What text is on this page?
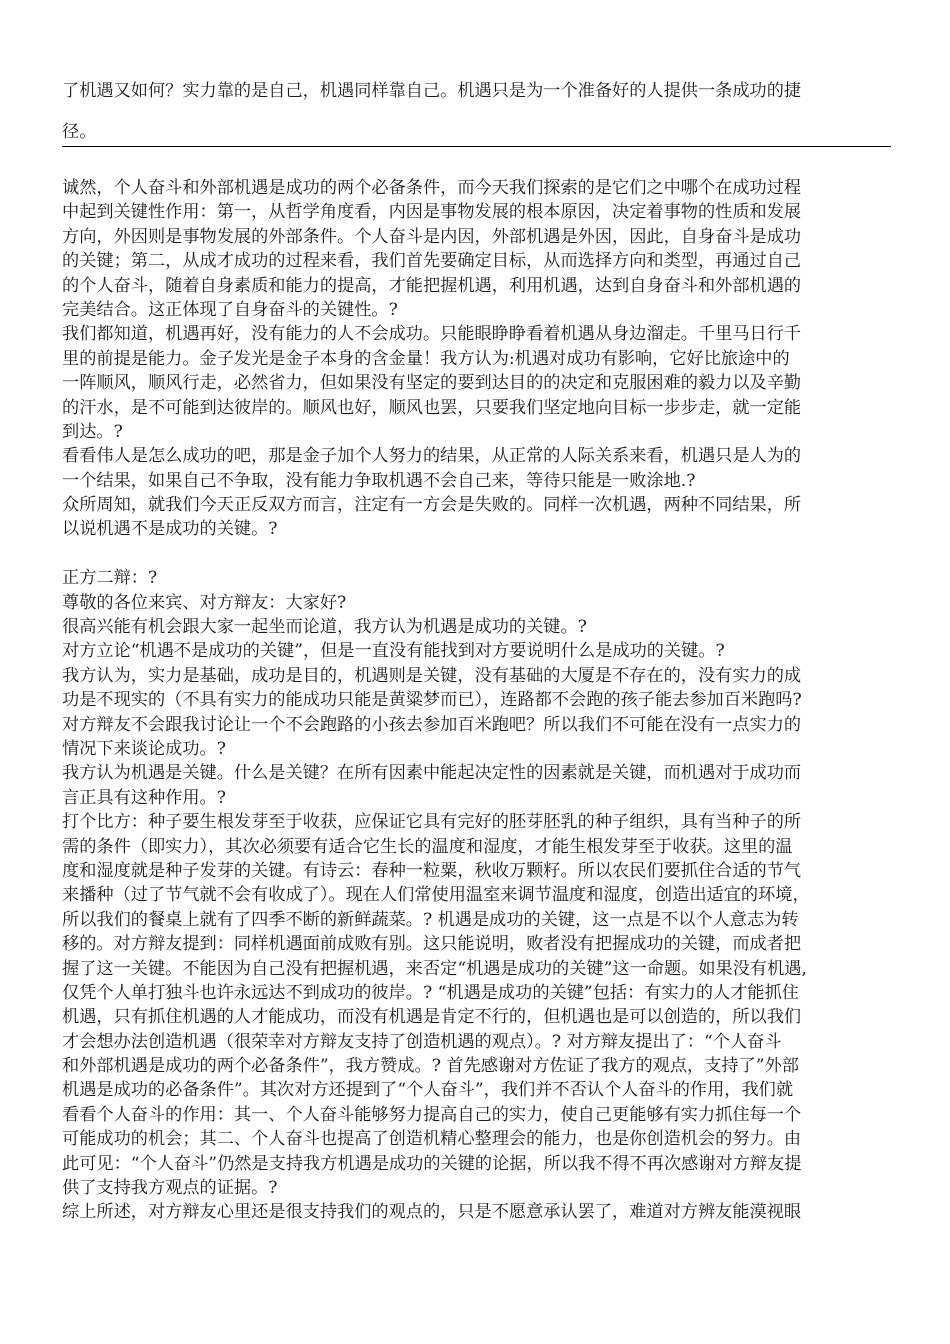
了机遇又如何？实力靠的是自己，机遇同样靠自己。机遇只是为一个准备好的人提供一条成功的捷

径。

诚然，个人奋斗和外部机遇是成功的两个必备条件，而今天我们探索的是它们之中哪个在成功过程
中起到关键性作用：第一，从哲学角度看，内因是事物发展的根本原因，决定着事物的性质和发展
方向，外因则是事物发展的外部条件。个人奋斗是内因，外部机遇是外因，因此，自身奋斗是成功
的关键；第二，从成才成功的过程来看，我们首先要确定目标，从而选择方向和类型，再通过自己
的个人奋斗，随着自身素质和能力的提高，才能把握机遇，利用机遇，达到自身奋斗和外部机遇的
完美结合。这正体现了自身奋斗的关键性。?
我们都知道，机遇再好，没有能力的人不会成功。只能眼睁睁看着机遇从身边溜走。千里马日行千
里的前提是能力。金子发光是金子本身的含金量！我方认为:机遇对成功有影响，它好比旅途中的
一阵顺风，顺风行走，必然省力，但如果没有坚定的要到达目的的决定和克服困难的毅力以及辛勤
的汗水，是不可能到达彼岸的。顺风也好，顺风也罢，只要我们坚定地向目标一步步走，就一定能
到达。?
看看伟人是怎么成功的吧，那是金子加个人努力的结果，从正常的人际关系来看，机遇只是人为的
一个结果，如果自己不争取，没有能力争取机遇不会自己来，等待只能是一败涂地.?
众所周知，就我们今天正反双方而言，注定有一方会是失败的。同样一次机遇，两种不同结果，所
以说机遇不是成功的关键。?
正方二辩：?
尊敬的各位来宾、对方辩友：大家好?
很高兴能有机会跟大家一起坐而论道，我方认为机遇是成功的关键。?
对方立论“机遇不是成功的关键”，但是一直没有能找到对方要说明什么是成功的关键。?
我方认为，实力是基础，成功是目的，机遇则是关键，没有基础的大厦是不存在的，没有实力的成
功是不现实的（不具有实力的能成功只能是黄粱梦而已），连路都不会跑的孩子能去参加百米跑吗?
对方辩友不会跟我讨论让一个不会跑路的小孩去参加百米跑吧？所以我们不可能在没有一点实力的
情况下来谈论成功。?
我方认为机遇是关键。什么是关键？在所有因素中能起决定性的因素就是关键，而机遇对于成功而
言正具有这种作用。?
打个比方：种子要生根发芽至于收获，应保证它具有完好的胚芽胚乳的种子组织，具有当种子的所
需的条件（即实力），其次必须要有适合它生长的温度和湿度，才能生根发芽至于收获。这里的温
度和湿度就是种子发芽的关键。有诗云：春种一粒粟，秋收万颗籽。所以农民们要抓住合适的节气
来播种（过了节气就不会有收成了）。现在人们常使用温室来调节温度和湿度，创造出适宜的环境，
所以我们的餐桌上就有了四季不断的新鲜蔬菜。? 机遇是成功的关键，这一点是不以个人意志为转
移的。对方辩友提到：同样机遇面前成败有别。这只能说明，败者没有把握成功的关键，而成者把
握了这一关键。不能因为自己没有把握机遇，来否定“机遇是成功的关键”这一命题。如果没有机遇,
仅凭个人单打独斗也许永远达不到成功的彼岸。? “机遇是成功的关键”包括：有实力的人才能抓住
机遇，只有抓住机遇的人才能成功，而没有机遇是肯定不行的，但机遇也是可以创造的，所以我们
才会想办法创造机遇（很荣幸对方辩友支持了创造机遇的观点）。? 对方辩友提出了：“个人奋斗
和外部机遇是成功的两个必备条件”，我方赞成。? 首先感谢对方佐证了我方的观点，支持了”外部
机遇是成功的必备条件”。其次对方还提到了“个人奋斗”，我们并不否认个人奋斗的作用，我们就
看看个人奋斗的作用：其一、个人奋斗能够努力提高自己的实力，使自己更能够有实力抓住每一个
可能成功的机会；其二、个人奋斗也提高了创造机精心整理会的能力，也是你创造机会的努力。由
此可见：“个人奋斗”仍然是支持我方机遇是成功的关键的论据，所以我不得不再次感谢对方辩友提
供了支持我方观点的证据。?
综上所述，对方辩友心里还是很支持我们的观点的，只是不愿意承认罢了，难道对方辨友能漠视眼
